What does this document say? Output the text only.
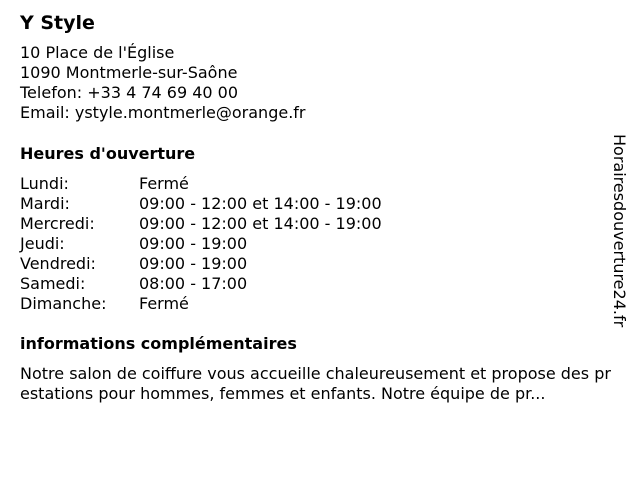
Y Style
10 Place de l'Église
1090 Montmerle-sur-Saône
Telefon: +33 4 74 69 40 00
Email: ystyle.montmerle@orange.fr
Heures d'ouverture
Lundi:	Fermé
Mardi:	09:00 - 12:00 et 14:00 - 19:00
Mercredi:	09:00 - 12:00 et 14:00 - 19:00
Jeudi:	09:00 - 19:00
Vendredi:	09:00 - 19:00
Samedi:	08:00 - 17:00
Dimanche: Fermé
informations complémentaires
Notre salon de coiffure vous accueille chaleureusement et propose des prestations pour hommes, femmes et enfants. Notre équipe de pr...
Horairesdouverture24.fr
